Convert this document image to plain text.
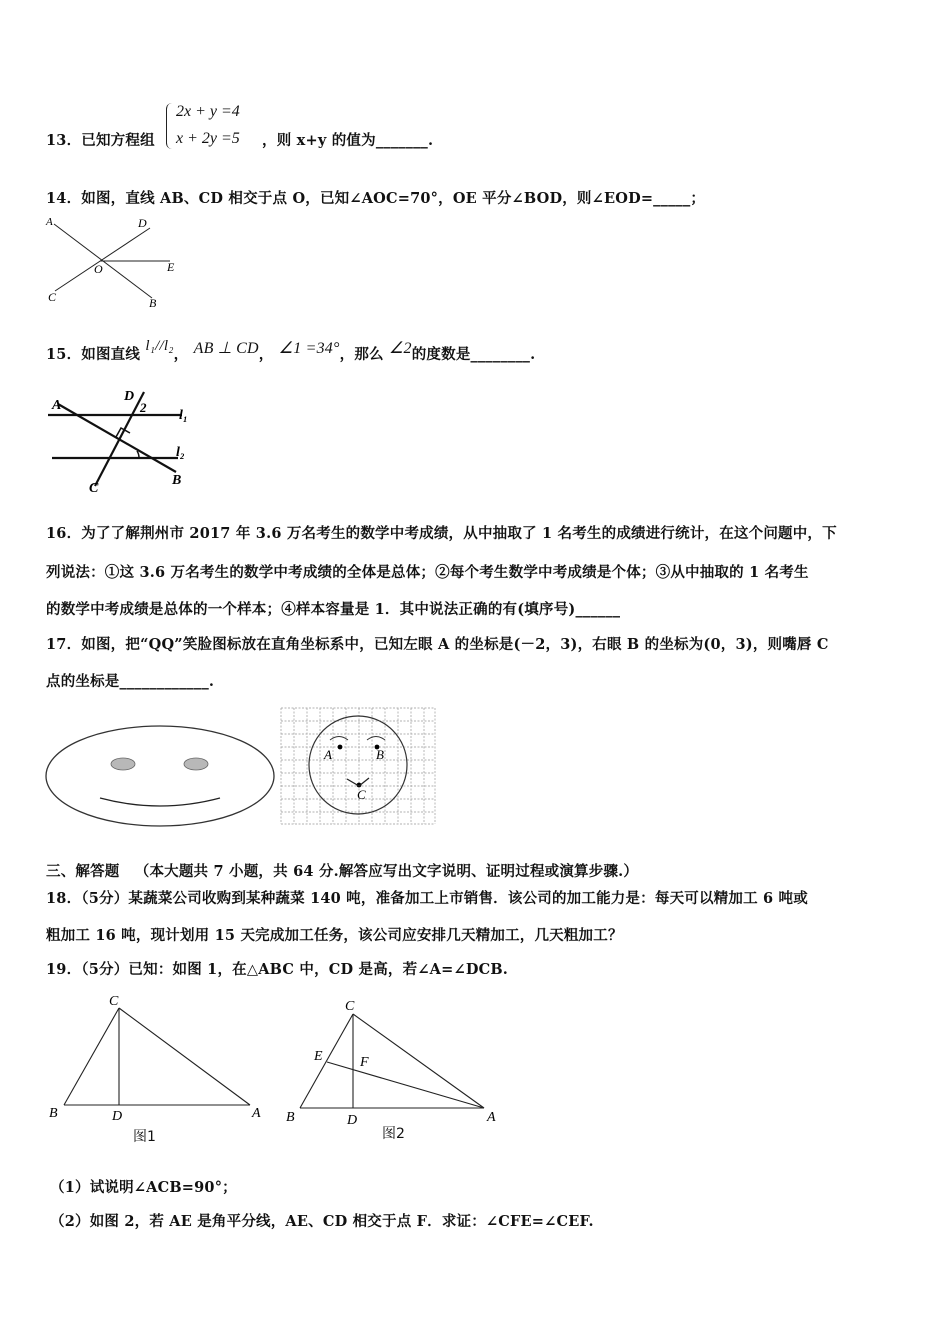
13．已知方程组
2x + y =4
x + 2y =5 ，则 x+y 的值为_______.
14．如图，直线 AB、CD 相交于点 O，已知∠AOC=70°，OE 平分∠BOD，则∠EOD=_____；
A	D
O	E
C	B
15．如图直线 l₁//l₂， AB ⊥ CD， ∠1 =34°，那么 ∠2的度数是________.
A
D
2
l₁
l₂
C
B
16．为了了解荆州市 2017 年 3.6 万名考生的数学中考成绩，从中抽取了 1 名考生的成绩进行统计，在这个问题中，下
列说法：①这 3.6 万名考生的数学中考成绩的全体是总体；②每个考生数学中考成绩是个体；③从中抽取的 1 名考生
的数学中考成绩是总体的一个样本；④样本容量是 1．其中说法正确的有(填序号)______
17．如图，把“QQ”笑脸图标放在直角坐标系中，已知左眼 A 的坐标是(－2，3)，右眼 B 的坐标为(0，3)，则嘴唇 C
点的坐标是____________.
A	B
C
三、解答题 （本大题共 7 小题，共 64 分.解答应写出文字说明、证明过程或演算步骤.）
18．（5分）某蔬菜公司收购到某种蔬菜 140 吨，准备加工上市销售．该公司的加工能力是：每天可以精加工 6 吨或
粗加工 16 吨，现计划用 15 天完成加工任务，该公司应安排几天精加工，几天粗加工？
19．（5分）已知：如图 1，在△ABC 中，CD 是高，若∠A=∠DCB.
C
B	D	A
图1
C
E	F
B	D	A
图2
（1）试说明∠ACB=90°；
（2）如图 2，若 AE 是角平分线，AE、CD 相交于点 F．求证：∠CFE=∠CEF.
